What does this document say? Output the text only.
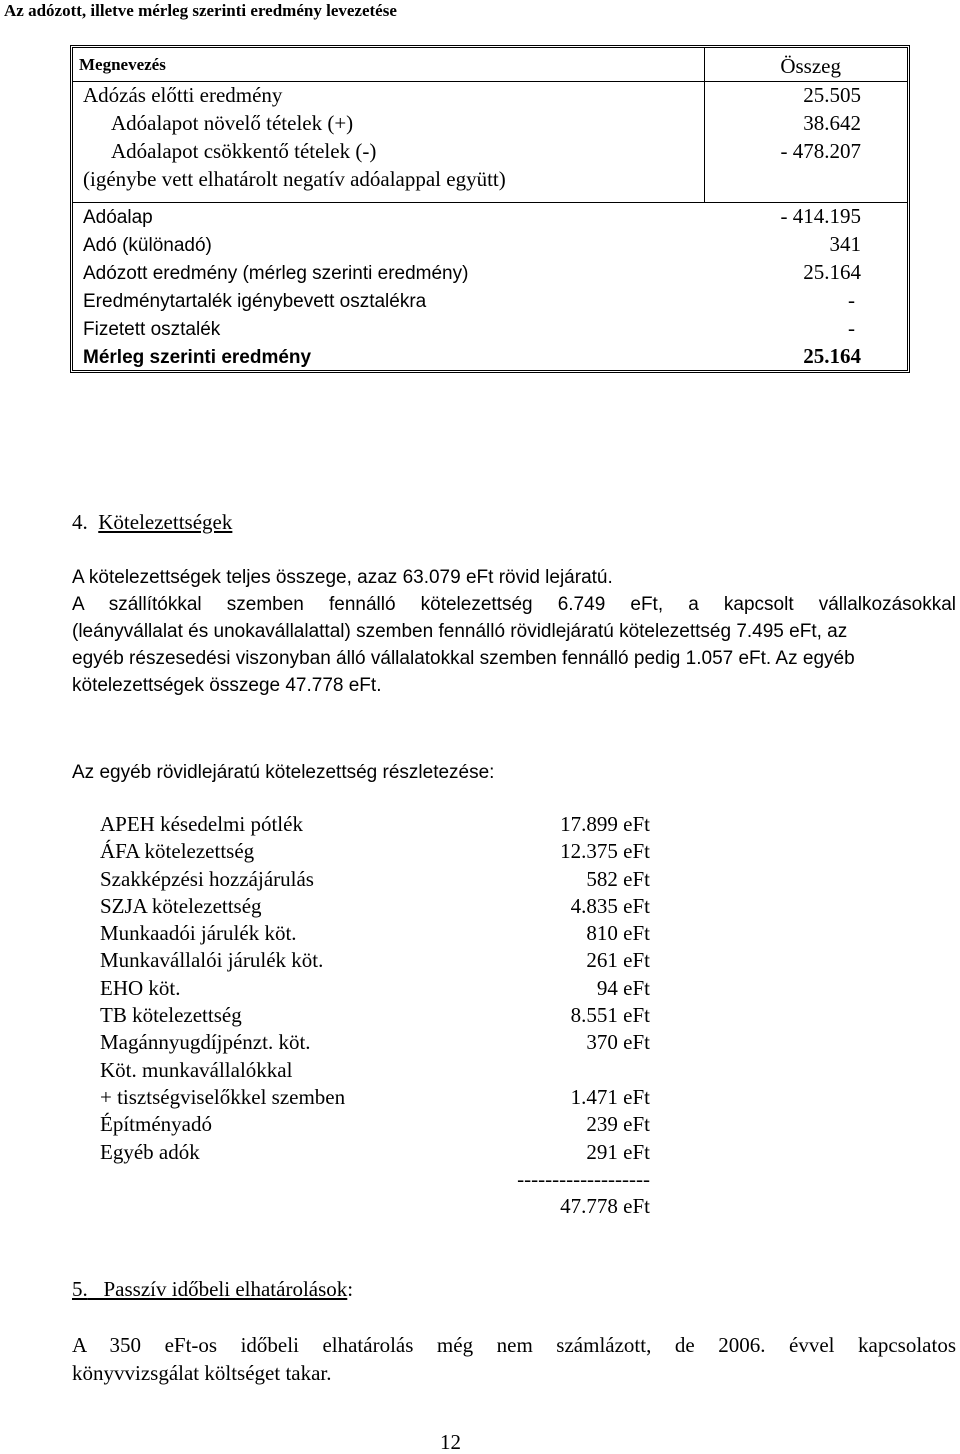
Az adózott, illetve mérleg szerinti eredmény levezetése
Megnevezés	Összeg
Adózás előtti eredmény	25.505
Adóalapot növelő tételek (+)	38.642
Adóalapot csökkentő tételek (-)	- 478.207
(igénybe vett elhatárolt negatív adóalappal együtt)
Adóalap	- 414.195
Adó (különadó)	341
Adózott eredmény (mérleg szerinti eredmény)	25.164
Eredménytartalék igénybevett osztalékra	-
Fizetett osztalék	-
Mérleg szerinti eredmény	25.164
4. Kötelezettségek
A kötelezettségek teljes összege, azaz 63.079 eFt rövid lejáratú.
A szállítókkal szemben fennálló kötelezettség 6.749 eFt, a kapcsolt vállalkozásokkal
(leányvállalat és unokavállalattal) szemben fennálló rövidlejáratú kötelezettség 7.495 eFt, az
egyéb részesedési viszonyban álló vállalatokkal szemben fennálló pedig 1.057 eFt. Az egyéb
kötelezettségek összege 47.778 eFt.
Az egyéb rövidlejáratú kötelezettség részletezése:
APEH késedelmi pótlék	17.899 eFt
ÁFA kötelezettség	12.375 eFt
Szakképzési hozzájárulás	582 eFt
SZJA kötelezettség	4.835 eFt
Munkaadói járulék köt.	810 eFt
Munkavállalói járulék köt.	261 eFt
EHO köt.	94 eFt
TB kötelezettség	8.551 eFt
Magánnyugdíjpénzt. köt.	370 eFt
Köt. munkavállalókkal
+ tisztségviselőkkel szemben	1.471 eFt
Építményadó	239 eFt
Egyéb adók	291 eFt
-------------------
47.778 eFt
5. Passzív időbeli elhatárolások:
A 350 eFt-os időbeli elhatárolás még nem számlázott, de 2006. évvel kapcsolatos
könyvvizsgálat költséget takar.
12
